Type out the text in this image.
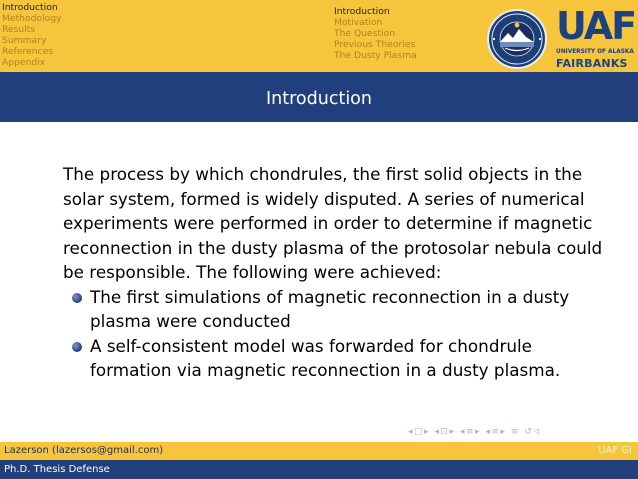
Introduction
Methodology
Results
Summary
References
Appendix
Introduction
Motivation
The Question
Previous Theories
The Dusty Plasma
UAF
UNIVERSITY OF ALASKA
FAIRBANKS
Introduction

The process by which chondrules, the first solid objects in the solar system, formed is widely disputed. A series of numerical experiments were performed in order to determine if magnetic reconnection in the dusty plasma of the protosolar nebula could be responsible. The following were achieved:

The first simulations of magnetic reconnection in a dusty plasma were conducted
A self-consistent model was forwarded for chondrule formation via magnetic reconnection in a dusty plasma.
◂□▸ ◂⊡▸ ◂≡▸ ◂≡▸ ≡ ↺ଏ
Lazerson (lazersos@gmail.com)	UAF GI
Ph.D. Thesis Defense
